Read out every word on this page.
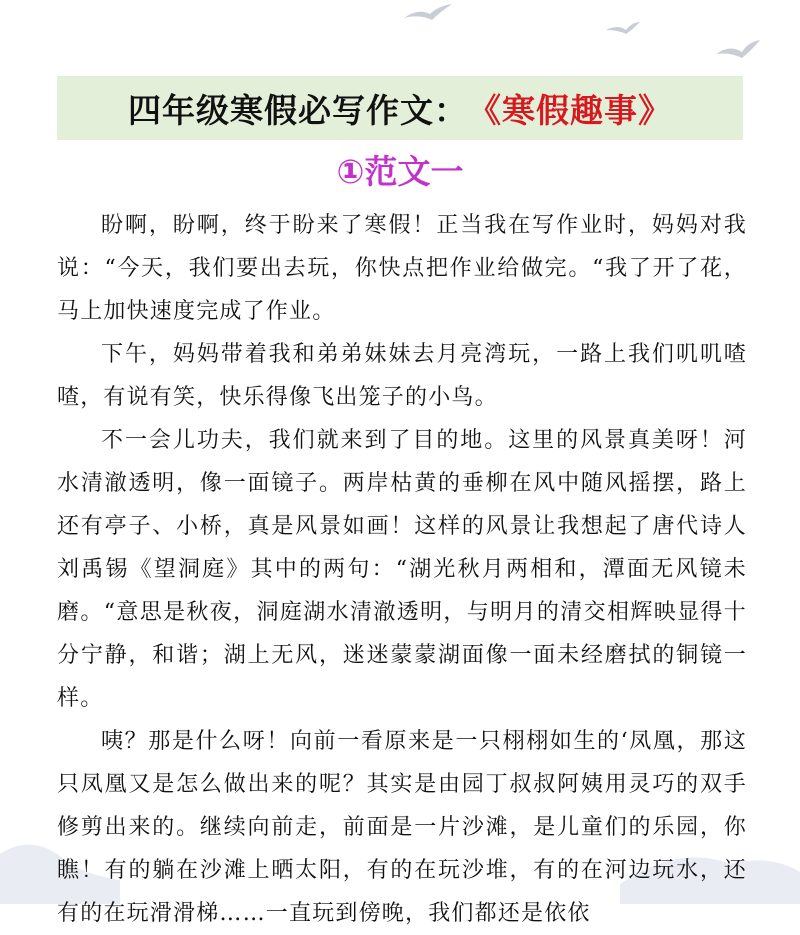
四年级寒假必写作文： 《寒假趣事》
①范文一

盼啊，盼啊，终于盼来了寒假！正当我在写作业时，妈妈对我说：“今天，我们要出去玩，你快点把作业给做完。“我了开了花，马上加快速度完成了作业。

下午，妈妈带着我和弟弟妹妹去月亮湾玩，一路上我们叽叽喳喳，有说有笑，快乐得像飞出笼子的小鸟。

不一会儿功夫，我们就来到了目的地。这里的风景真美呀！河水清澈透明，像一面镜子。两岸枯黄的垂柳在风中随风摇摆，路上还有亭子、小桥，真是风景如画！这样的风景让我想起了唐代诗人刘禹锡《望洞庭》其中的两句：“湖光秋月两相和，潭面无风镜未磨。“意思是秋夜，洞庭湖水清澈透明，与明月的清交相辉映显得十分宁静，和谐；湖上无风，迷迷蒙蒙湖面像一面未经磨拭的铜镜一样。

咦？那是什么呀！向前一看原来是一只栩栩如生的‘凤凰，那这只凤凰又是怎么做出来的呢？其实是由园丁叔叔阿姨用灵巧的双手修剪出来的。继续向前走，前面是一片沙滩，是儿童们的乐园，你瞧！有的躺在沙滩上晒太阳，有的在玩沙堆，有的在河边玩水，还有的在玩滑滑梯……一直玩到傍晚，我们都还是依依
